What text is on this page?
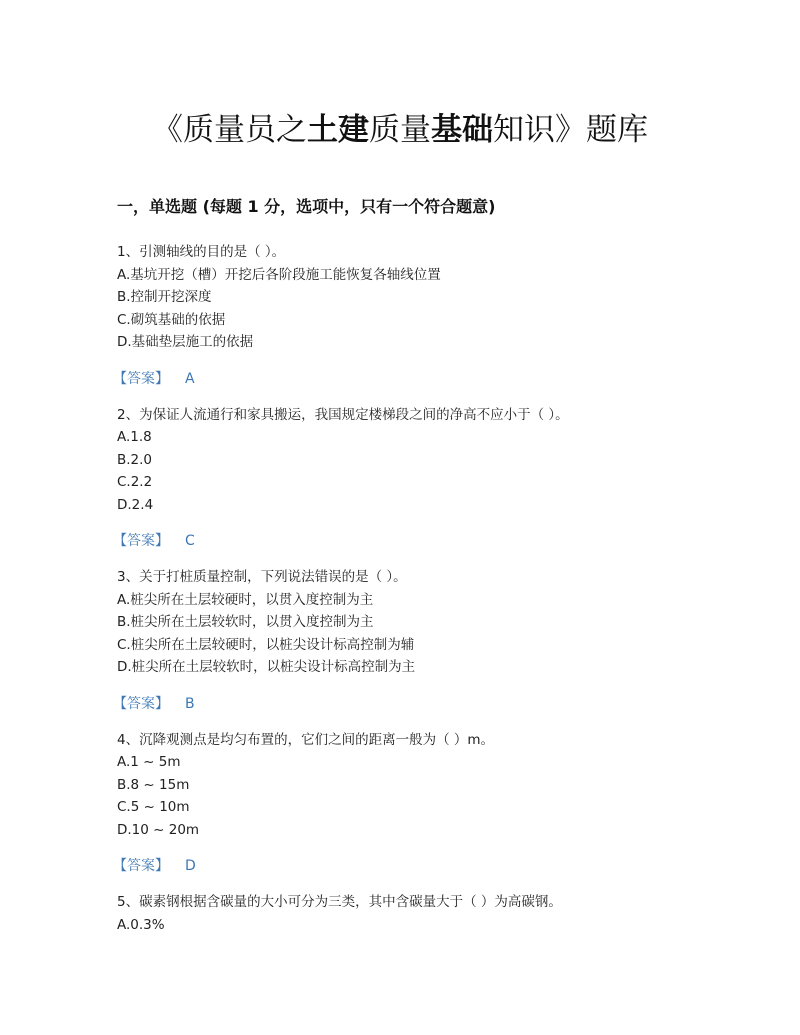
《质量员之土建质量基础知识》题库
一，单选题 (每题 1 分，选项中，只有一个符合题意)

1、引测轴线的目的是（ ）。

A.基坑开挖（槽）开挖后各阶段施工能恢复各轴线位置

B.控制开挖深度

C.砌筑基础的依据

D.基础垫层施工的依据

【答案】 A

2、为保证人流通行和家具搬运，我国规定楼梯段之间的净高不应小于（ ）。

A.1.8

B.2.0

C.2.2

D.2.4

【答案】 C

3、关于打桩质量控制，下列说法错误的是（ ）。

A.桩尖所在土层较硬时，以贯入度控制为主

B.桩尖所在土层较软时，以贯入度控制为主

C.桩尖所在土层较硬时，以桩尖设计标高控制为辅

D.桩尖所在土层较软时，以桩尖设计标高控制为主

【答案】 B

4、沉降观测点是均匀布置的，它们之间的距离一般为（ ）m。

A.1 ~ 5m

B.8 ~ 15m

C.5 ~ 10m

D.10 ~ 20m

【答案】 D

5、碳素钢根据含碳量的大小可分为三类，其中含碳量大于（ ）为高碳钢。

A.0.3%
